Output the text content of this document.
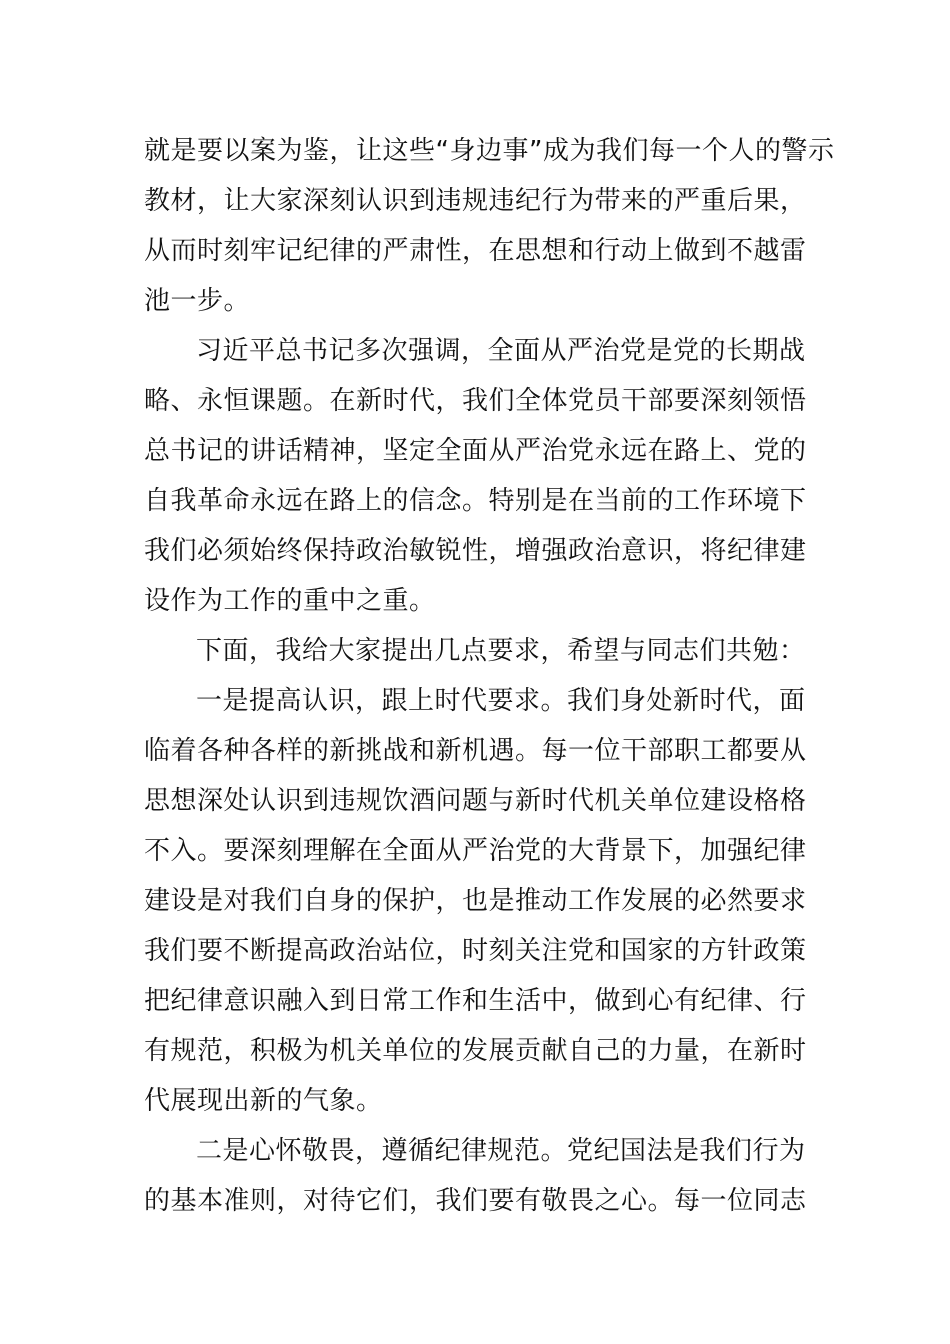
就是要以案为鉴，让这些“身边事”成为我们每一个人的警示
教材，让大家深刻认识到违规违纪行为带来的严重后果，
从而时刻牢记纪律的严肃性，在思想和行动上做到不越雷
池一步。
习近平总书记多次强调，全面从严治党是党的长期战
略、永恒课题。在新时代，我们全体党员干部要深刻领悟
总书记的讲话精神，坚定全面从严治党永远在路上、党的
自我革命永远在路上的信念。特别是在当前的工作环境下
我们必须始终保持政治敏锐性，增强政治意识，将纪律建
设作为工作的重中之重。
下面，我给大家提出几点要求，希望与同志们共勉：
一是提高认识，跟上时代要求。我们身处新时代，面
临着各种各样的新挑战和新机遇。每一位干部职工都要从
思想深处认识到违规饮酒问题与新时代机关单位建设格格
不入。要深刻理解在全面从严治党的大背景下，加强纪律
建设是对我们自身的保护，也是推动工作发展的必然要求
我们要不断提高政治站位，时刻关注党和国家的方针政策
把纪律意识融入到日常工作和生活中，做到心有纪律、行
有规范，积极为机关单位的发展贡献自己的力量，在新时
代展现出新的气象。
二是心怀敬畏，遵循纪律规范。党纪国法是我们行为
的基本准则，对待它们，我们要有敬畏之心。每一位同志
